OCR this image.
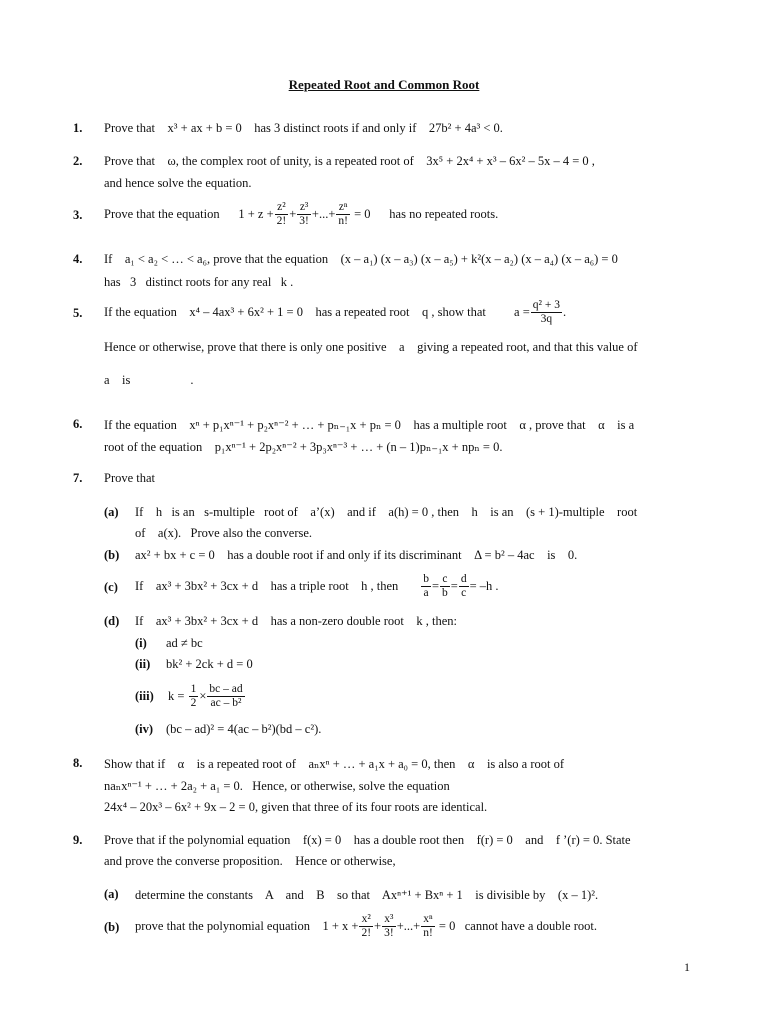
Repeated Root and Common Root
1. Prove that x³ + ax + b = 0 has 3 distinct roots if and only if 27b² + 4a³ < 0.
2. Prove that ω, the complex root of unity, is a repeated root of 3x⁵ + 2x⁴ + x³ – 6x² – 5x – 4 = 0 ,
and hence solve the equation.
3. Prove that the equation
$1 + z + \frac{\text{z²}}{2!} + \frac{\text{z³}}{3!}$ +...+ $\frac{\text{zⁿ}}{n!}$
= 0
has no repeated roots.
4. If a₁ < a₂ < … < a₆, prove that the equation (x – a₁) (x – a₃) (x – a₅) + k²(x – a₂) (x – a₄) (x – a₆) = 0
has   3   distinct roots for any real   k .
5. If the equation
x⁴ – 4ax³ + 6x² + 1 = 0
has a repeated root
q
, show that
$a = \frac{\text{q² + 3}}{3q}$ .
Hence or otherwise, prove that there is only one positive    a    giving a repeated root, and that this value of
a    is	.
6. If the equation xⁿ + p₁xⁿ⁻¹ + p₂xⁿ⁻² + … + pₙ₋₁x + pₙ = 0 has a multiple root α , prove that α is a
root of the equation p₁xⁿ⁻¹ + 2p₂xⁿ⁻² + 3p₃xⁿ⁻³ + … + (n – 1)pₙ₋₁x + npₙ = 0.
7. Prove that
(a) If    h   is an   s-multiple   root of    a’(x)    and if    a(h) = 0 , then    h    is an    (s + 1)-multiple    root
of    a(x).   Prove also the converse.
(b) ax² + bx + c = 0    has a double root if and only if its discriminant    Δ = b² – 4ac    is    0.
(c) If    ax³ + 3bx² + 3cx + d    has a triple root    h , then
$\frac{b}{a} = \frac{c}{b} = \frac{d}{c} = -h$ .
(d) If    ax³ + 3bx² + 3cx + d    has a non-zero double root    k , then:
(i) ad ≠ bc
(ii) bk² + 2ck + d = 0
(iii) k =
$\frac{1}{2} \times \frac{bc - ad}{\text{ac – b²}}$
(iv) (bc – ad)² = 4(ac – b²)(bd – c²).
8. Show that if α is a repeated root of aₙxⁿ + … + a₁x + a₀ = 0, then α is also a root of
naₙxⁿ⁻¹ + … + 2a₂ + a₁ = 0.   Hence, or otherwise, solve the equation
24x⁴ – 20x³ – 6x² + 9x – 2 = 0, given that three of its four roots are identical.
9. Prove that if the polynomial equation    f(x) = 0    has a double root then    f(r) = 0    and    f ’(r) = 0. State
and prove the converse proposition.    Hence or otherwise,
(a) determine the constants    A    and    B    so that    Axⁿ⁺¹ + Bxⁿ + 1    is divisible by    (x – 1)².
(b) prove that the polynomial equation
$1 + x + \frac{\text{x²}}{2!} + \frac{\text{x³}}{3!}$ +...+ $\frac{\text{xⁿ}}{n!}$
= 0
cannot have a double root.
1
